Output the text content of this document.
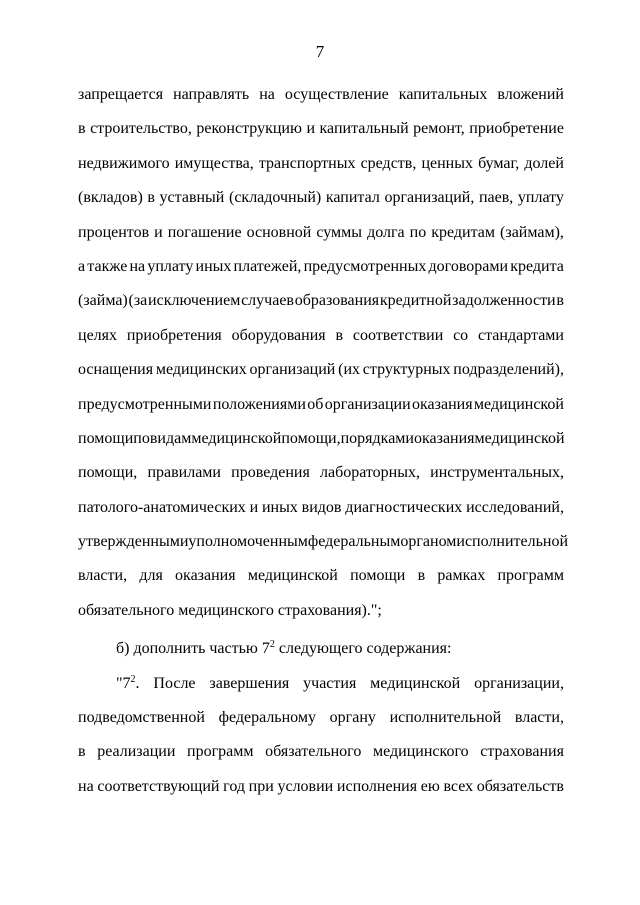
7
запрещается направлять на осуществление капитальных вложений
в строительство, реконструкцию и капитальный ремонт, приобретение
недвижимого имущества, транспортных средств, ценных бумаг, долей
(вкладов) в уставный (складочный) капитал организаций, паев, уплату
процентов и погашение основной суммы долга по кредитам (займам),
а также на уплату иных платежей, предусмотренных договорами кредита
(займа) (за исключением случаев образования кредитной задолженности в
целях приобретения оборудования в соответствии со стандартами
оснащения медицинских организаций (их структурных подразделений),
предусмотренными положениями об организации оказания медицинской
помощи по видам медицинской помощи, порядками оказания медицинской
помощи, правилами проведения лабораторных, инструментальных,
патолого-анатомических и иных видов диагностических исследований,
утвержденными уполномоченным федеральным органом исполнительной
власти, для оказания медицинской помощи в рамках программ
обязательного медицинского страхования).";
б) дополнить частью $7^2$ следующего содержания:
"$7^2$. После завершения участия медицинской организации,
подведомственной федеральному органу исполнительной власти,
в реализации программ обязательного медицинского страхования
на соответствующий год при условии исполнения ею всех обязательств
